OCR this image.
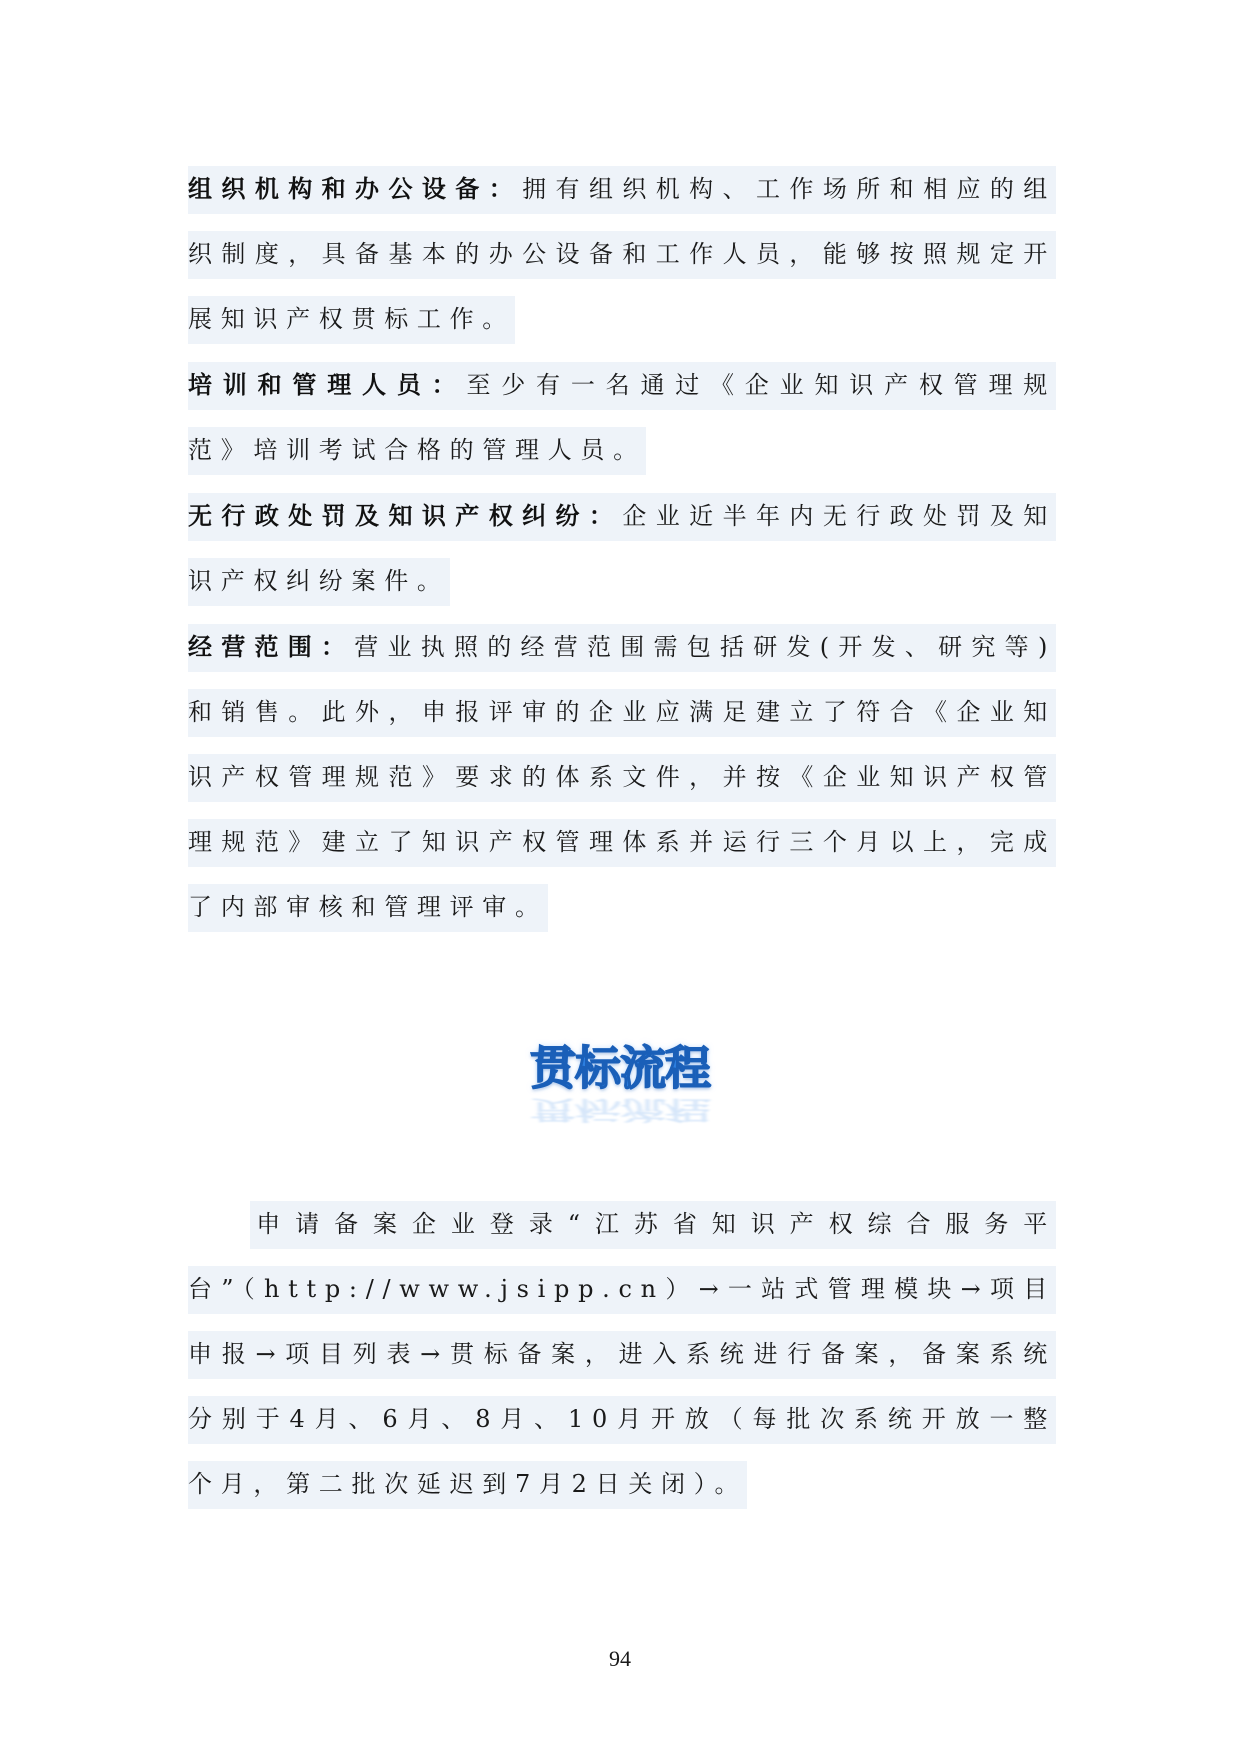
组织机构和办公设备：拥有组织机构、工作场所和相应的组织制度，具备基本的办公设备和工作人员，能够按照规定开展知识产权贯标工作。

培训和管理人员：至少有一名通过《企业知识产权管理规范》培训考试合格的管理人员。

无行政处罚及知识产权纠纷：企业近半年内无行政处罚及知识产权纠纷案件。

经营范围：营业执照的经营范围需包括研发(开发、研究等)和销售。此外，申报评审的企业应满足建立了符合《企业知识产权管理规范》要求的体系文件，并按《企业知识产权管理规范》建立了知识产权管理体系并运行三个月以上，完成了内部审核和管理评审。

贯标流程
贯标流程

申请备案企业登录“江苏省知识产权综合服务平台”（http://www.jsipp.cn）→一站式管理模块→项目申报→项目列表→贯标备案，进入系统进行备案，备案系统分别于4月、6月、8月、10月开放（每批次系统开放一整个月，第二批次延迟到7月2日关闭）。

94
